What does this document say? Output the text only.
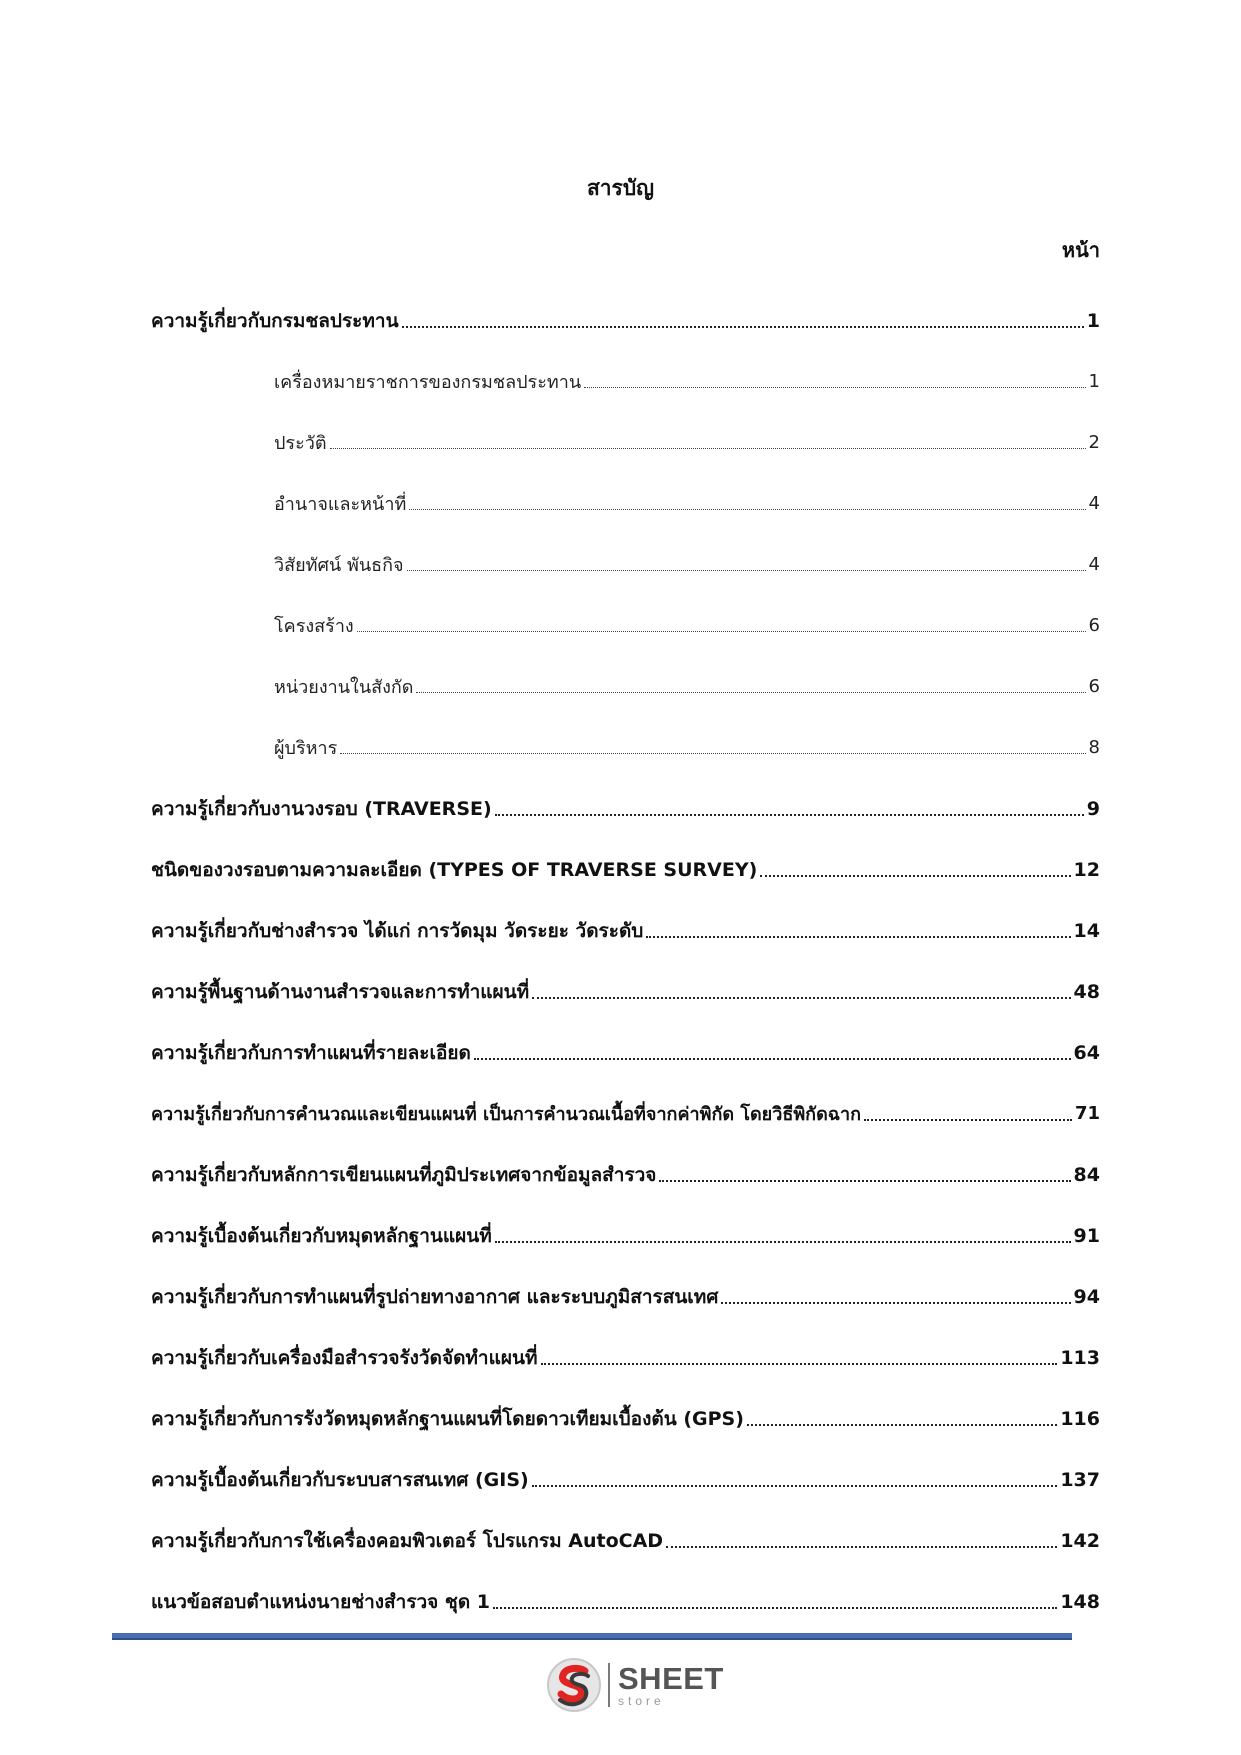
สารบัญ
หน้า
ความรู้เกี่ยวกับกรมชลประทาน	1
เครื่องหมายราชการของกรมชลประทาน	1
ประวัติ	2
อำนาจและหน้าที่	4
วิสัยทัศน์ พันธกิจ	4
โครงสร้าง	6
หน่วยงานในสังกัด	6
ผู้บริหาร	8
ความรู้เกี่ยวกับงานวงรอบ (TRAVERSE)	9
ชนิดของวงรอบตามความละเอียด (TYPES OF TRAVERSE SURVEY)	12
ความรู้เกี่ยวกับช่างสำรวจ ได้แก่ การวัดมุม วัดระยะ วัดระดับ	14
ความรู้พื้นฐานด้านงานสำรวจและการทำแผนที่	48
ความรู้เกี่ยวกับการทำแผนที่รายละเอียด	64
ความรู้เกี่ยวกับการคำนวณและเขียนแผนที่ เป็นการคำนวณเนื้อที่จากค่าพิกัด โดยวิธีพิกัดฉาก	71
ความรู้เกี่ยวกับหลักการเขียนแผนที่ภูมิประเทศจากข้อมูลสำรวจ	84
ความรู้เบื้องต้นเกี่ยวกับหมุดหลักฐานแผนที่	91
ความรู้เกี่ยวกับการทำแผนที่รูปถ่ายทางอากาศ และระบบภูมิสารสนเทศ	94
ความรู้เกี่ยวกับเครื่องมือสำรวจรังวัดจัดทำแผนที่	113
ความรู้เกี่ยวกับการรังวัดหมุดหลักฐานแผนที่โดยดาวเทียมเบื้องต้น (GPS)	116
ความรู้เบื้องต้นเกี่ยวกับระบบสารสนเทศ (GIS)	137
ความรู้เกี่ยวกับการใช้เครื่องคอมพิวเตอร์ โปรแกรม AutoCAD	142
แนวข้อสอบตำแหน่งนายช่างสำรวจ ชุด 1	148
SHEET
store
